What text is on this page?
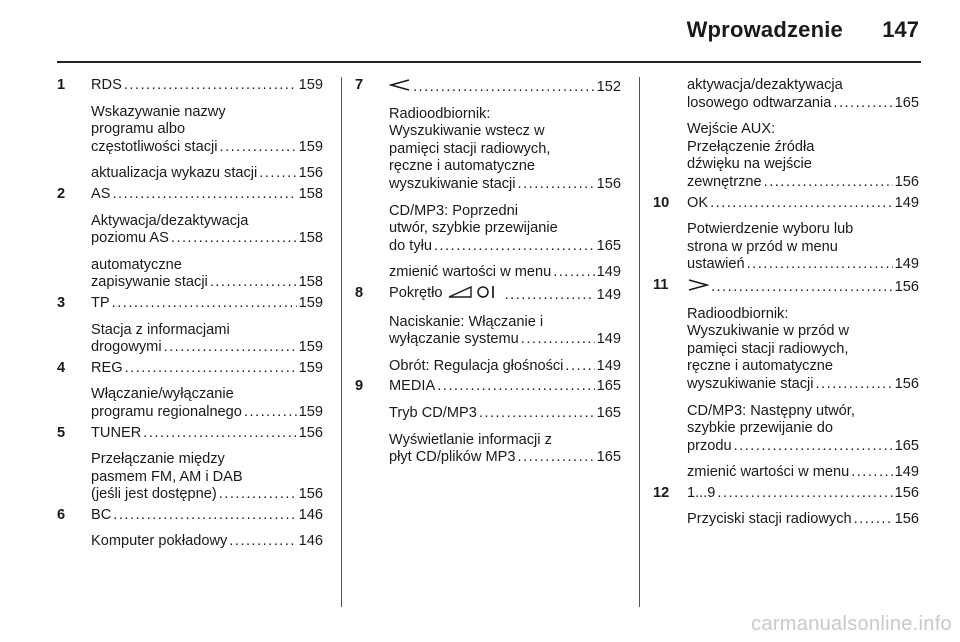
Wprowadzenie 147
1 RDS .....	159
Wskazywanie nazwy
programu albo
częstotliwości stacji .....	159
aktualizacja wykazu stacji .....	156
2 AS .....	158
Aktywacja/dezaktywacja
poziomu AS .....	158
automatyczne
zapisywanie stacji .....	158
3 TP .....	159
Stacja z informacjami
drogowymi .....	159
4 REG .....	159
Włączanie/wyłączanie
programu regionalnego .....	159
5 TUNER .....	156
Przełączanie między
pasmem FM, AM i DAB
(jeśli jest dostępne) .....	156
6 BC .....	146
Komputer pokładowy .....	146
7 .....	152
Radioodbiornik:
Wyszukiwanie wstecz w
pamięci stacji radiowych,
ręczne i automatyczne
wyszukiwanie stacji .....	156
CD/MP3: Poprzedni
utwór, szybkie przewijanie
do tyłu .....	165
zmienić wartości w menu .....	149
8 Pokrętło .....	149
Naciskanie: Włączanie i
wyłączanie systemu .....	149
Obrót: Regulacja głośności ..... 149
9 MEDIA .....	165
Tryb CD/MP3 .....	165
Wyświetlanie informacji z
płyt CD/plików MP3 .....	165
aktywacja/dezaktywacja
losowego odtwarzania .....	165
Wejście AUX:
Przełączenie źródła
dźwięku na wejście
zewnętrzne .....	156
10 OK .....	149
Potwierdzenie wyboru lub
strona w przód w menu
ustawień .....	149
11 .....	156
Radioodbiornik:
Wyszukiwanie w przód w
pamięci stacji radiowych,
ręczne i automatyczne
wyszukiwanie stacji .....	156
CD/MP3: Następny utwór,
szybkie przewijanie do
przodu .....	165
zmienić wartości w menu .....	149
12 1...9 .....	156
Przyciski stacji radiowych .....	156
carmanualsonline.info
